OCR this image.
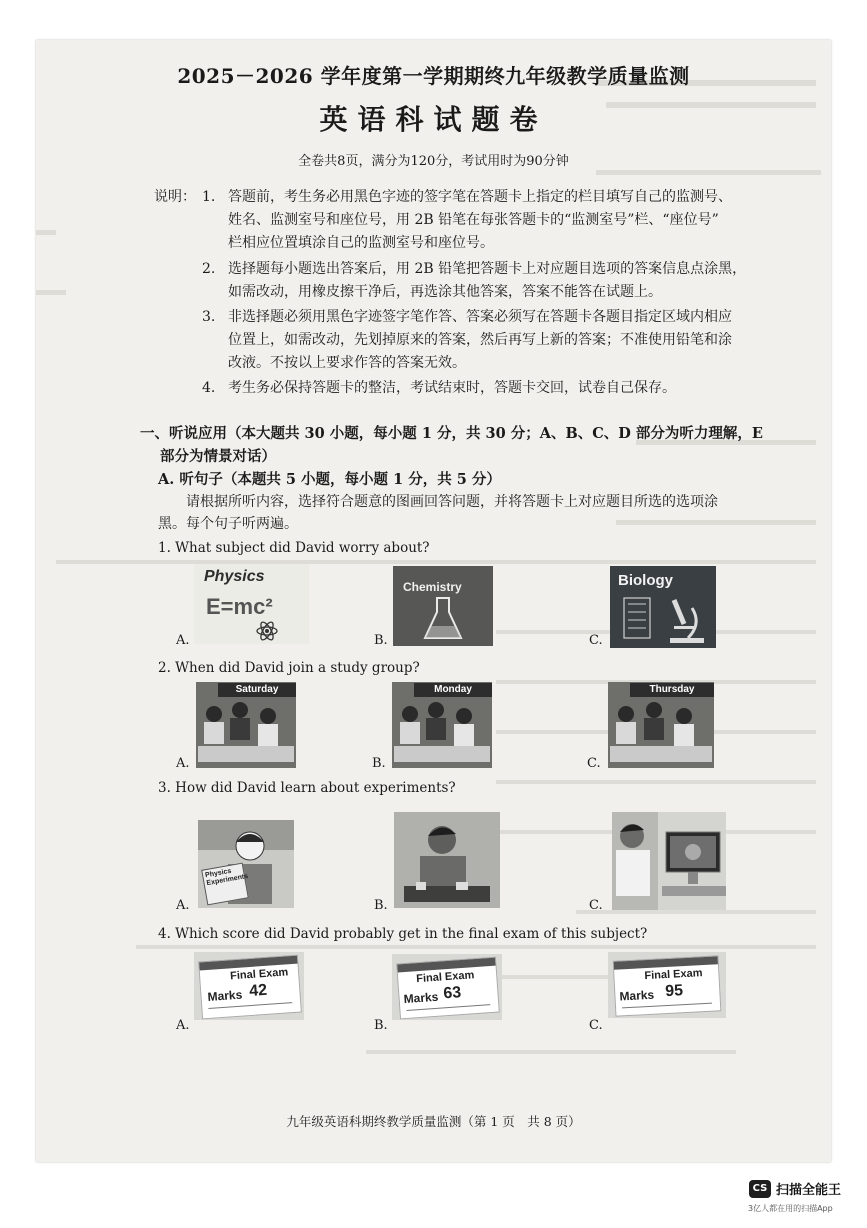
2025－2026 学年度第一学期期终九年级教学质量监测
英语科试题卷
全卷共8页，满分为120分，考试用时为90分钟
说明： 1. 答题前，考生务必用黑色字迹的签字笔在答题卡上指定的栏目填写自己的监测号、
姓名、监测室号和座位号，用 2B 铅笔在每张答题卡的“监测室号”栏、“座位号”
栏相应位置填涂自己的监测室号和座位号。
2. 选择题每小题选出答案后，用 2B 铅笔把答题卡上对应题目选项的答案信息点涂黑，
如需改动，用橡皮擦干净后，再选涂其他答案，答案不能答在试题上。
3. 非选择题必须用黑色字迹签字笔作答、答案必须写在答题卡各题目指定区域内相应
位置上，如需改动，先划掉原来的答案，然后再写上新的答案；不准使用铅笔和涂
改液。不按以上要求作答的答案无效。
4. 考生务必保持答题卡的整洁，考试结束时，答题卡交回，试卷自己保存。
一、听说应用（本大题共 30 小题，每小题 1 分，共 30 分；A、B、C、D 部分为听力理解，E
部分为情景对话）
A. 听句子（本题共 5 小题，每小题 1 分，共 5 分）
请根据所听内容，选择符合题意的图画回答问题，并将答题卡上对应题目所选的选项涂
黑。每个句子听两遍。
1. What subject did David worry about?
Physics
E=mc²
A.
Chemistry
B.
Biology
C.
2. When did David join a study group?
Saturday
A.
Monday
B.
Thursday
C.
3. How did David learn about experiments?
Physics Experiments
A.	B.	C.
4. Which score did David probably get in the final exam of this subject?
Final Exam
Marks 42
A.
Final Exam
Marks 63
B.
Final Exam
Marks 95
C.
九年级英语科期终教学质量监测（第 1 页　共 8 页）
CS 扫描全能王
3亿人都在用的扫描App
